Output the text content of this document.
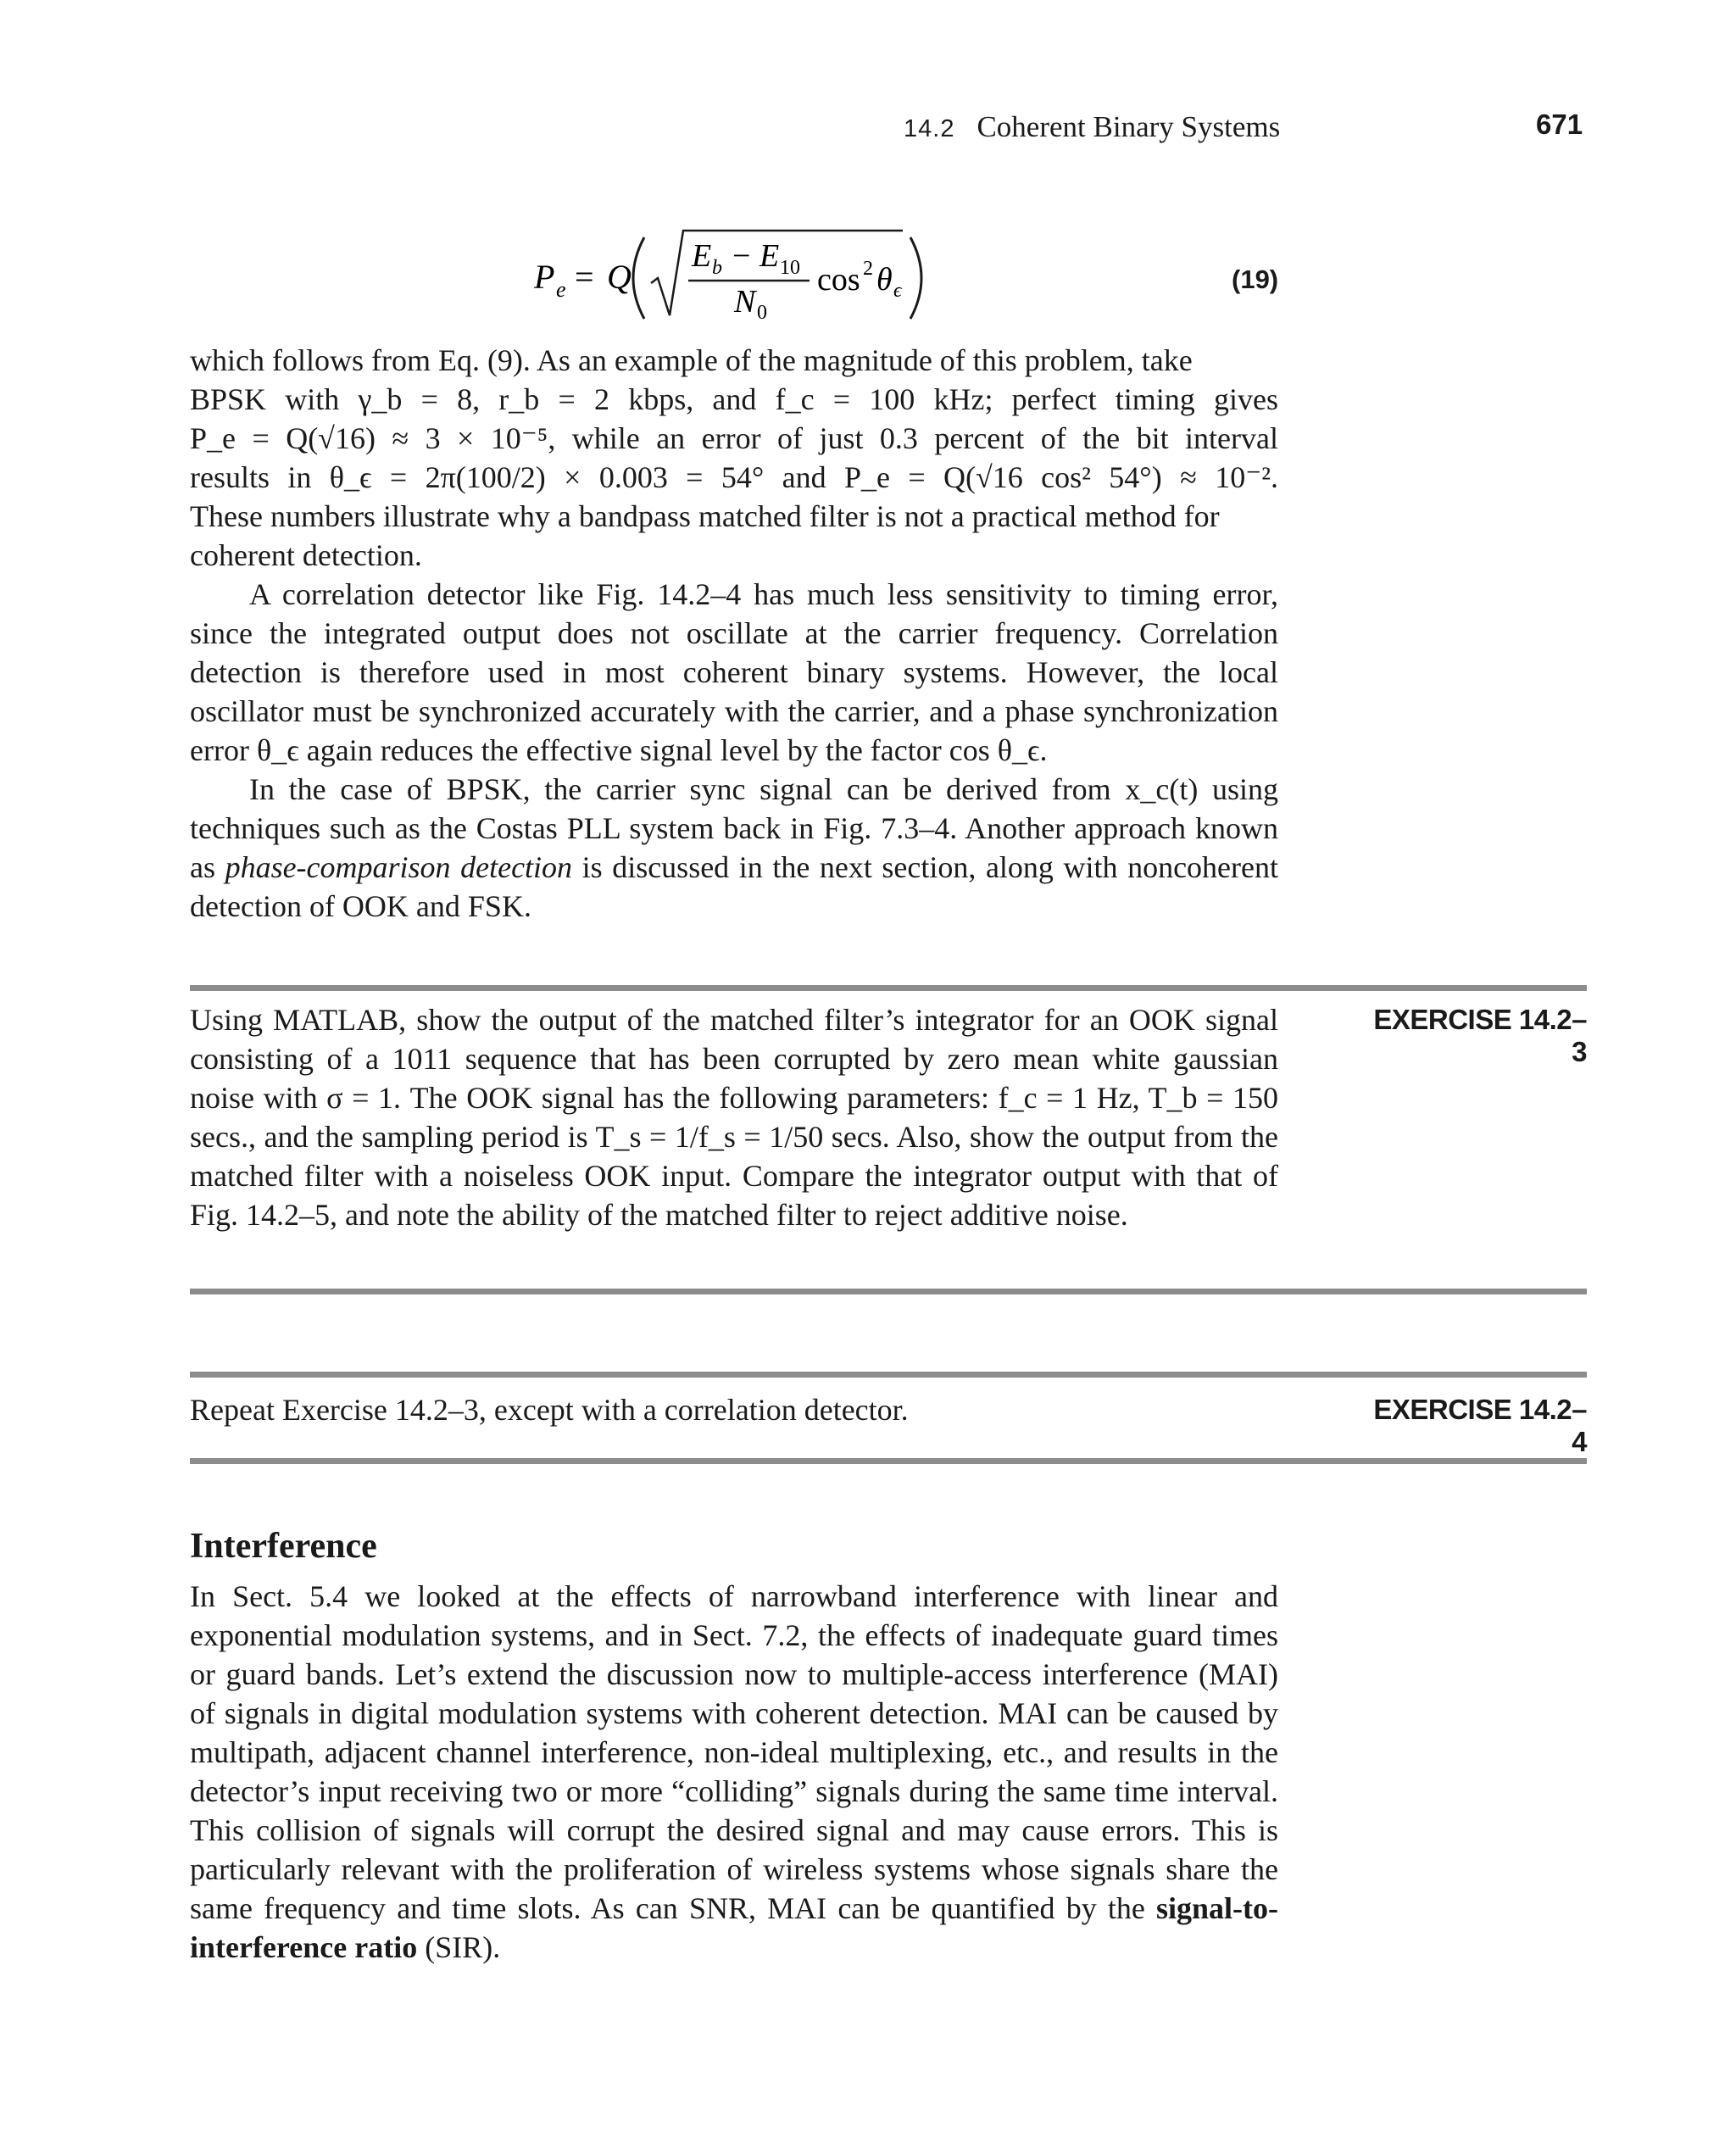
14.2 Coherent Binary Systems	671
P e = Q
E b − E 10
N 0
cos 2 θ ϵ	(19)

which follows from Eq. (9). As an example of the magnitude of this problem, take

BPSK with γ_b = 8, r_b = 2 kbps, and f_c = 100 kHz; perfect timing gives

P_e = Q(√16) ≈ 3 × 10⁻⁵, while an error of just 0.3 percent of the bit interval

results in θ_ϵ = 2π(100/2) × 0.003 = 54° and P_e = Q(√16 cos² 54°) ≈ 10⁻².

These numbers illustrate why a bandpass matched filter is not a practical method for

coherent detection.

A correlation detector like Fig. 14.2–4 has much less sensitivity to timing error, since the integrated output does not oscillate at the carrier frequency. Correlation detection is therefore used in most coherent binary systems. However, the local oscillator must be synchronized accurately with the carrier, and a phase synchronization error θ_ϵ again reduces the effective signal level by the factor cos θ_ϵ.

In the case of BPSK, the carrier sync signal can be derived from x_c(t) using techniques such as the Costas PLL system back in Fig. 7.3–4. Another approach known as phase-comparison detection is discussed in the next section, along with noncoherent detection of OOK and FSK.

EXERCISE 14.2–3
Using MATLAB, show the output of the matched filter’s integrator for an OOK signal consisting of a 1011 sequence that has been corrupted by zero mean white gaussian noise with σ = 1. The OOK signal has the following parameters: f_c = 1 Hz, T_b = 150 secs., and the sampling period is T_s = 1/f_s = 1/50 secs. Also, show the output from the matched filter with a noiseless OOK input. Compare the integrator output with that of Fig. 14.2–5, and note the ability of the matched filter to reject additive noise.
EXERCISE 14.2–4
Repeat Exercise 14.2–3, except with a correlation detector.
Interference
In Sect. 5.4 we looked at the effects of narrowband interference with linear and exponential modulation systems, and in Sect. 7.2, the effects of inadequate guard times or guard bands. Let’s extend the discussion now to multiple-access interference (MAI) of signals in digital modulation systems with coherent detection. MAI can be caused by multipath, adjacent channel interference, non-ideal multiplexing, etc., and results in the detector’s input receiving two or more “colliding” signals during the same time interval. This collision of signals will corrupt the desired signal and may cause errors. This is particularly relevant with the proliferation of wireless systems whose signals share the same frequency and time slots. As can SNR, MAI can be quantified by the signal-to-interference ratio (SIR).
